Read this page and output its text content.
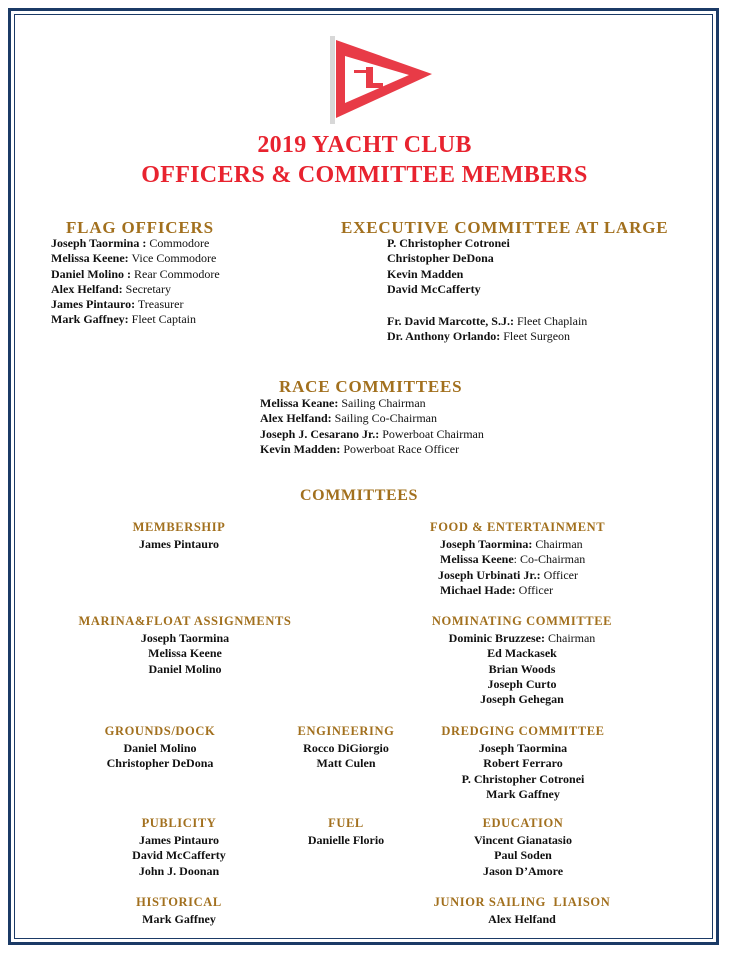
2019 YACHT CLUB
OFFICERS & COMMITTEE MEMBERS
FLAG OFFICERS
Joseph Taormina : Commodore
Melissa Keene: Vice Commodore
Daniel Molino : Rear Commodore
Alex Helfand: Secretary
James Pintauro: Treasurer
Mark Gaffney: Fleet Captain
EXECUTIVE COMMITTEE AT LARGE
P. Christopher Cotronei
Christopher DeDona
Kevin Madden
David McCafferty
Fr. David Marcotte, S.J.: Fleet Chaplain
Dr. Anthony Orlando: Fleet Surgeon
RACE COMMITTEES
Melissa Keane: Sailing Chairman
Alex Helfand: Sailing Co-Chairman
Joseph J. Cesarano Jr.: Powerboat Chairman
Kevin Madden: Powerboat Race Officer
COMMITTEES
MEMBERSHIP
James Pintauro
FOOD & ENTERTAINMENT
Joseph Taormina: Chairman
Melissa Keene: Co-Chairman
Joseph Urbinati Jr.: Officer
Michael Hade: Officer
MARINA&FLOAT ASSIGNMENTS
Joseph Taormina
Melissa Keene
Daniel Molino
NOMINATING COMMITTEE
Dominic Bruzzese: Chairman
Ed Mackasek
Brian Woods
Joseph Curto
Joseph Gehegan
GROUNDS/DOCK
Daniel Molino
Christopher DeDona
ENGINEERING
Rocco DiGiorgio
Matt Culen
DREDGING COMMITTEE
Joseph Taormina
Robert Ferraro
P. Christopher Cotronei
Mark Gaffney
PUBLICITY
James Pintauro
David McCafferty
John J. Doonan
FUEL
Danielle Florio
EDUCATION
Vincent Gianatasio
Paul Soden
Jason D’Amore
HISTORICAL
Mark Gaffney
JUNIOR SAILING  LIAISON
Alex Helfand
